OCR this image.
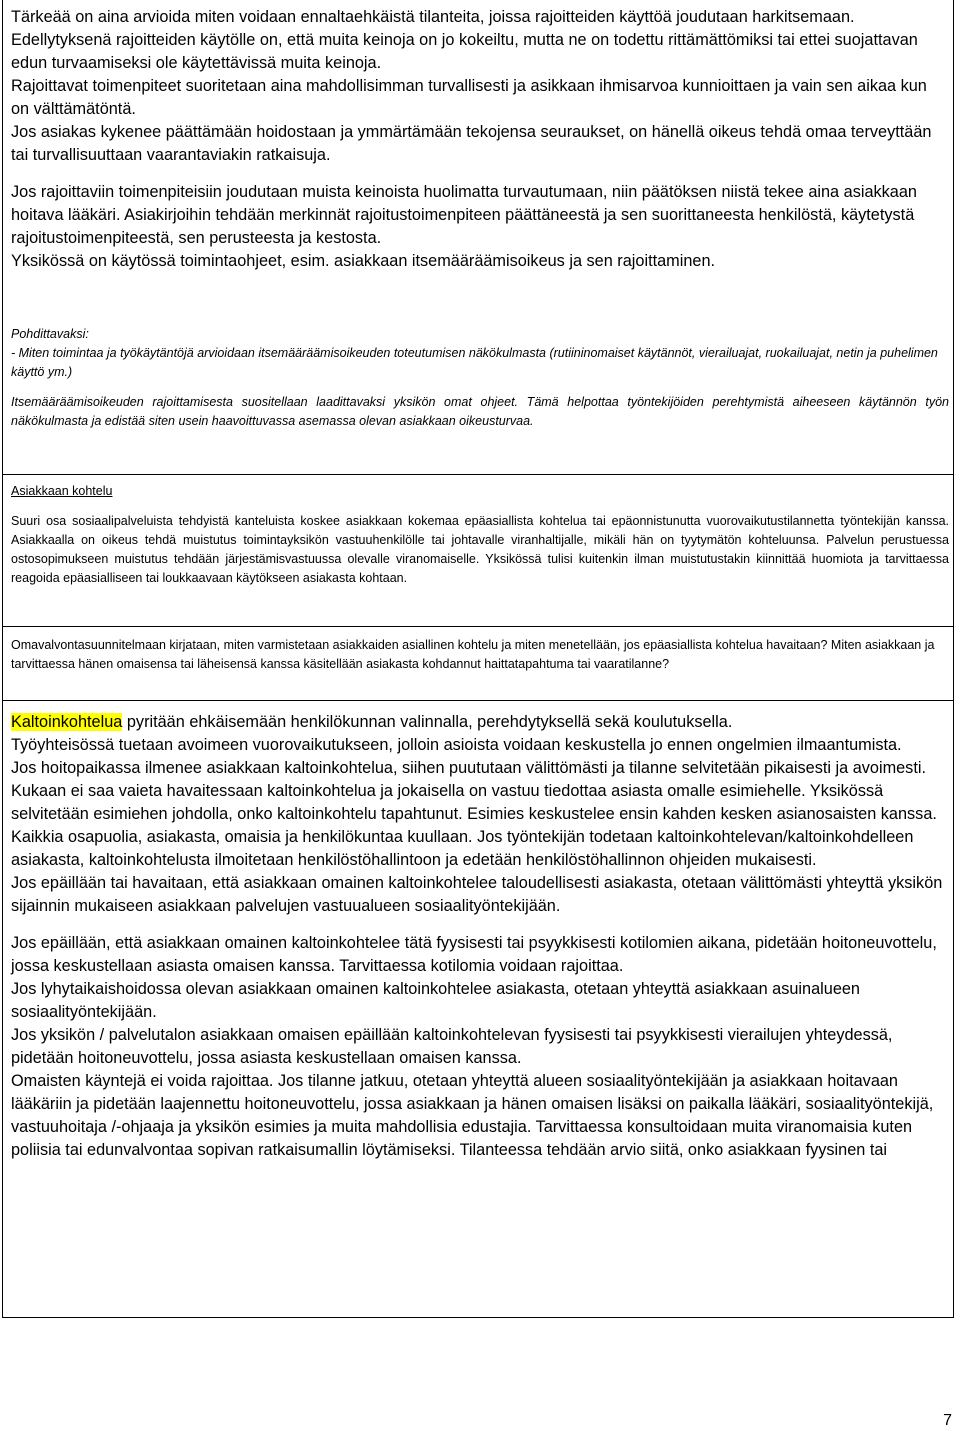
Tärkeää on aina arvioida miten voidaan ennaltaehkäistä tilanteita, joissa rajoitteiden käyttöä joudutaan harkitsemaan.

Edellytyksenä rajoitteiden käytölle on, että muita keinoja on jo kokeiltu, mutta ne on todettu rittämättömiksi tai ettei suojattavan edun turvaamiseksi ole käytettävissä muita keinoja.

Rajoittavat toimenpiteet suoritetaan aina mahdollisimman turvallisesti ja asikkaan ihmisarvoa kunnioittaen ja vain sen aikaa kun on välttämätöntä.

Jos asiakas kykenee päättämään hoidostaan ja ymmärtämään tekojensa seuraukset, on hänellä oikeus tehdä omaa terveyttään tai turvallisuuttaan vaarantaviakin ratkaisuja.

Jos rajoittaviin toimenpiteisiin joudutaan muista keinoista huolimatta turvautumaan, niin päätöksen niistä tekee aina asiakkaan hoitava lääkäri. Asiakirjoihin tehdään merkinnät rajoitustoimenpiteen päättäneestä ja sen suorittaneesta henkilöstä, käytetystä rajoitustoimenpiteestä, sen perusteesta ja kestosta.

Yksikössä on käytössä toimintaohjeet, esim. asiakkaan itsemääräämisoikeus ja sen rajoittaminen.

Pohdittavaksi:

- Miten toimintaa ja työkäytäntöjä arvioidaan itsemääräämisoikeuden toteutumisen näkökulmasta (rutiininomaiset käytännöt, vierailuajat, ruokailuajat, netin ja puhelimen käyttö ym.)

Itsemääräämisoikeuden rajoittamisesta suositellaan laadittavaksi yksikön omat ohjeet. Tämä helpottaa työntekijöiden perehtymistä aiheeseen käytännön työn näkökulmasta ja edistää siten usein haavoittuvassa asemassa olevan asiakkaan oikeusturvaa.

Asiakkaan kohtelu

Suuri osa sosiaalipalveluista tehdyistä kanteluista koskee asiakkaan kokemaa epäasiallista kohtelua tai epäonnistunutta vuorovaikutustilannetta työntekijän kanssa. Asiakkaalla on oikeus tehdä muistutus toimintayksikön vastuuhenkilölle tai johtavalle viranhaltijalle, mikäli hän on tyytymätön kohteluunsa. Palvelun perustuessa ostosopimukseen muistutus tehdään järjestämisvastuussa olevalle viranomaiselle. Yksikössä tulisi kuitenkin ilman muistutustakin kiinnittää huomiota ja tarvittaessa reagoida epäasialliseen tai loukkaavaan käytökseen asiakasta kohtaan.

Omavalvontasuunnitelmaan kirjataan, miten varmistetaan asiakkaiden asiallinen kohtelu ja miten menetellään, jos epäasiallista kohtelua havaitaan? Miten asiakkaan ja tarvittaessa hänen omaisensa tai läheisensä kanssa käsitellään asiakasta kohdannut haittatapahtuma tai vaaratilanne?

Kaltoinkohtelua pyritään ehkäisemään henkilökunnan valinnalla, perehdytyksellä sekä koulutuksella.

Työyhteisössä tuetaan avoimeen vuorovaikutukseen, jolloin asioista voidaan keskustella jo ennen ongelmien ilmaantumista.

Jos hoitopaikassa ilmenee asiakkaan kaltoinkohtelua, siihen puututaan välittömästi ja tilanne selvitetään pikaisesti ja avoimesti. Kukaan ei saa vaieta havaitessaan kaltoinkohtelua ja jokaisella on vastuu tiedottaa asiasta omalle esimiehelle. Yksikössä selvitetään esimiehen johdolla, onko kaltoinkohtelu tapahtunut. Esimies keskustelee ensin kahden kesken asianosaisten kanssa. Kaikkia osapuolia, asiakasta, omaisia ja henkilökuntaa kuullaan. Jos työntekijän todetaan kaltoinkohtelevan/kaltoinkohdelleen asiakasta, kaltoinkohtelusta ilmoitetaan henkilöstöhallintoon ja edetään henkilöstöhallinnon ohjeiden mukaisesti.

Jos epäillään tai havaitaan, että asiakkaan omainen kaltoinkohtelee taloudellisesti asiakasta, otetaan välittömästi yhteyttä yksikön sijainnin mukaiseen asiakkaan palvelujen vastuualueen sosiaalityöntekijään.

Jos epäillään, että asiakkaan omainen kaltoinkohtelee tätä fyysisesti tai psyykkisesti kotilomien aikana, pidetään hoitoneuvottelu, jossa keskustellaan asiasta omaisen kanssa. Tarvittaessa kotilomia voidaan rajoittaa.

Jos lyhytaikaishoidossa olevan asiakkaan omainen kaltoinkohtelee asiakasta, otetaan yhteyttä asiakkaan asuinalueen sosiaalityöntekijään.

Jos yksikön / palvelutalon asiakkaan omaisen epäillään kaltoinkohtelevan fyysisesti tai psyykkisesti vierailujen yhteydessä, pidetään hoitoneuvottelu, jossa asiasta keskustellaan omaisen kanssa.

Omaisten käyntejä ei voida rajoittaa. Jos tilanne jatkuu, otetaan yhteyttä alueen sosiaalityöntekijään ja asiakkaan hoitavaan lääkäriin ja pidetään laajennettu hoitoneuvottelu, jossa asiakkaan ja hänen omaisen lisäksi on paikalla lääkäri, sosiaalityöntekijä, vastuuhoitaja /-ohjaaja ja yksikön esimies ja muita mahdollisia edustajia. Tarvittaessa konsultoidaan muita viranomaisia kuten poliisia tai edunvalvontaa sopivan ratkaisumallin löytämiseksi. Tilanteessa tehdään arvio siitä, onko asiakkaan fyysinen tai

7
